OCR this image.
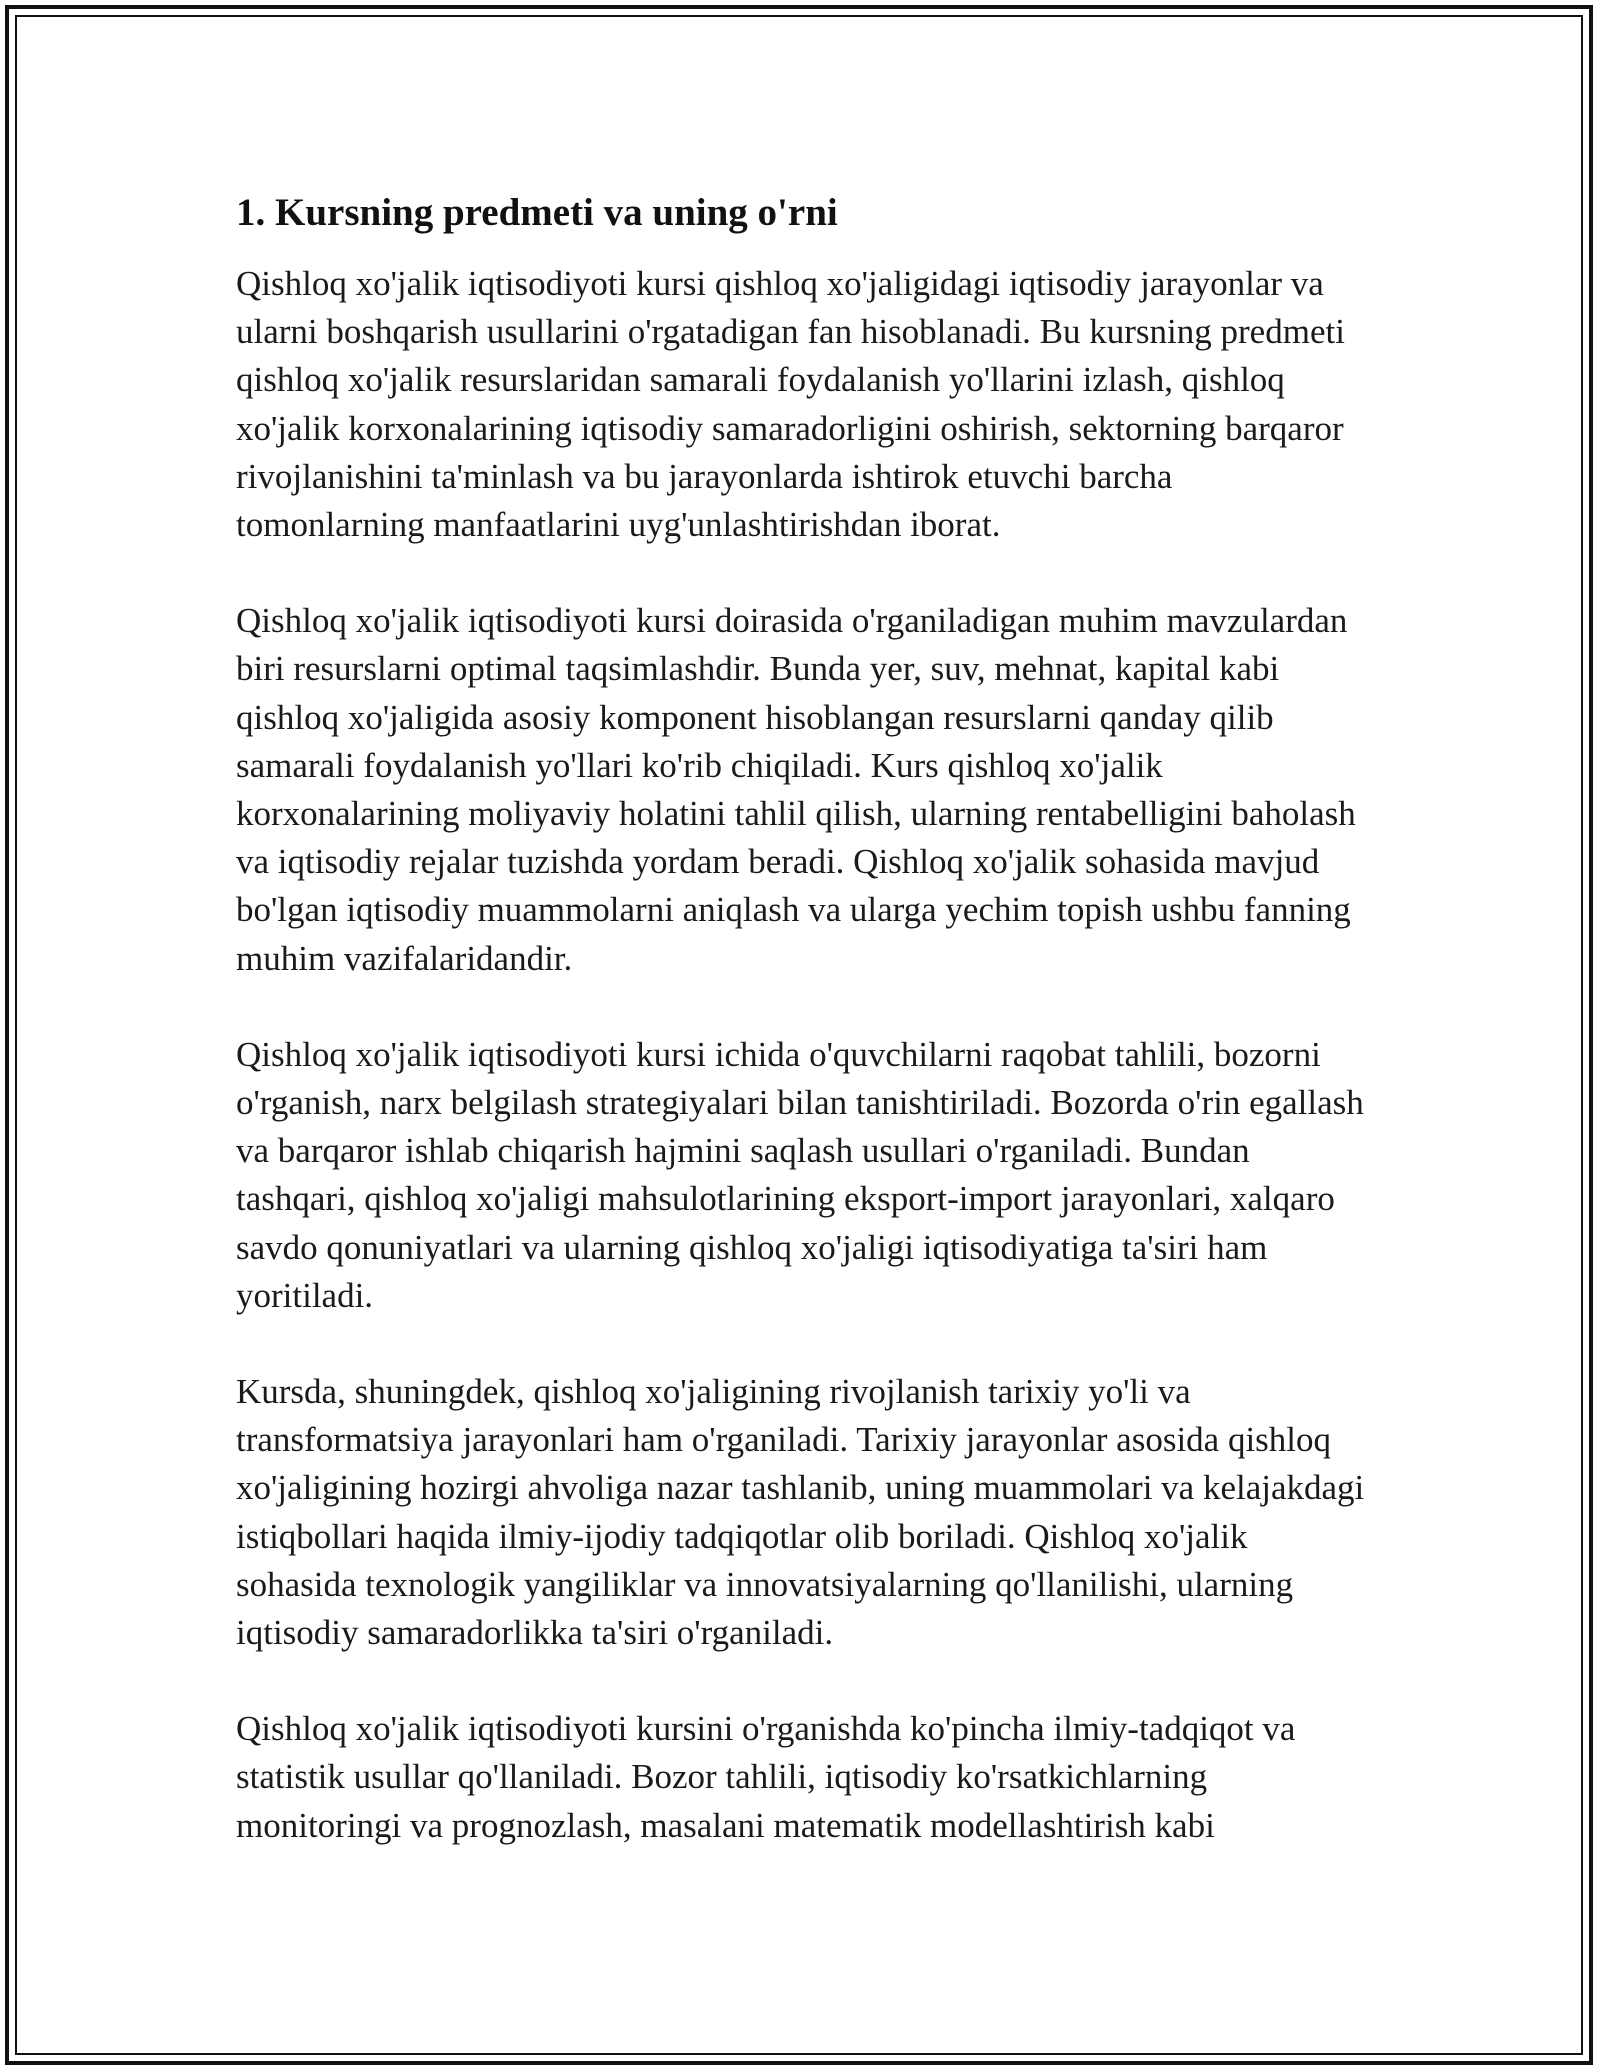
1. Kursning predmeti va uning o'rni

Qishloq xo'jalik iqtisodiyoti kursi qishloq xo'jaligidagi iqtisodiy jarayonlar va ularni boshqarish usullarini o'rgatadigan fan hisoblanadi. Bu kursning predmeti qishloq xo'jalik resurslaridan samarali foydalanish yo'llarini izlash, qishloq xo'jalik korxonalarining iqtisodiy samaradorligini oshirish, sektorning barqaror rivojlanishini ta'minlash va bu jarayonlarda ishtirok etuvchi barcha tomonlarning manfaatlarini uyg'unlashtirishdan iborat.

Qishloq xo'jalik iqtisodiyoti kursi doirasida o'rganiladigan muhim mavzulardan biri resurslarni optimal taqsimlashdir. Bunda yer, suv, mehnat, kapital kabi qishloq xo'jaligida asosiy komponent hisoblangan resurslarni qanday qilib samarali foydalanish yo'llari ko'rib chiqiladi. Kurs qishloq xo'jalik korxonalarining moliyaviy holatini tahlil qilish, ularning rentabelligini baholash va iqtisodiy rejalar tuzishda yordam beradi. Qishloq xo'jalik sohasida mavjud bo'lgan iqtisodiy muammolarni aniqlash va ularga yechim topish ushbu fanning muhim vazifalaridandir.

Qishloq xo'jalik iqtisodiyoti kursi ichida o'quvchilarni raqobat tahlili, bozorni o'rganish, narx belgilash strategiyalari bilan tanishtiriladi. Bozorda o'rin egallash va barqaror ishlab chiqarish hajmini saqlash usullari o'rganiladi. Bundan tashqari, qishloq xo'jaligi mahsulotlarining eksport-import jarayonlari, xalqaro savdo qonuniyatlari va ularning qishloq xo'jaligi iqtisodiyatiga ta'siri ham yoritiladi.

Kursda, shuningdek, qishloq xo'jaligining rivojlanish tarixiy yo'li va transformatsiya jarayonlari ham o'rganiladi. Tarixiy jarayonlar asosida qishloq xo'jaligining hozirgi ahvoliga nazar tashlanib, uning muammolari va kelajakdagi istiqbollari haqida ilmiy-ijodiy tadqiqotlar olib boriladi. Qishloq xo'jalik sohasida texnologik yangiliklar va innovatsiyalarning qo'llanilishi, ularning iqtisodiy samaradorlikka ta'siri o'rganiladi.

Qishloq xo'jalik iqtisodiyoti kursini o'rganishda ko'pincha ilmiy-tadqiqot va statistik usullar qo'llaniladi. Bozor tahlili, iqtisodiy ko'rsatkichlarning monitoringi va prognozlash, masalani matematik modellashtirish kabi
